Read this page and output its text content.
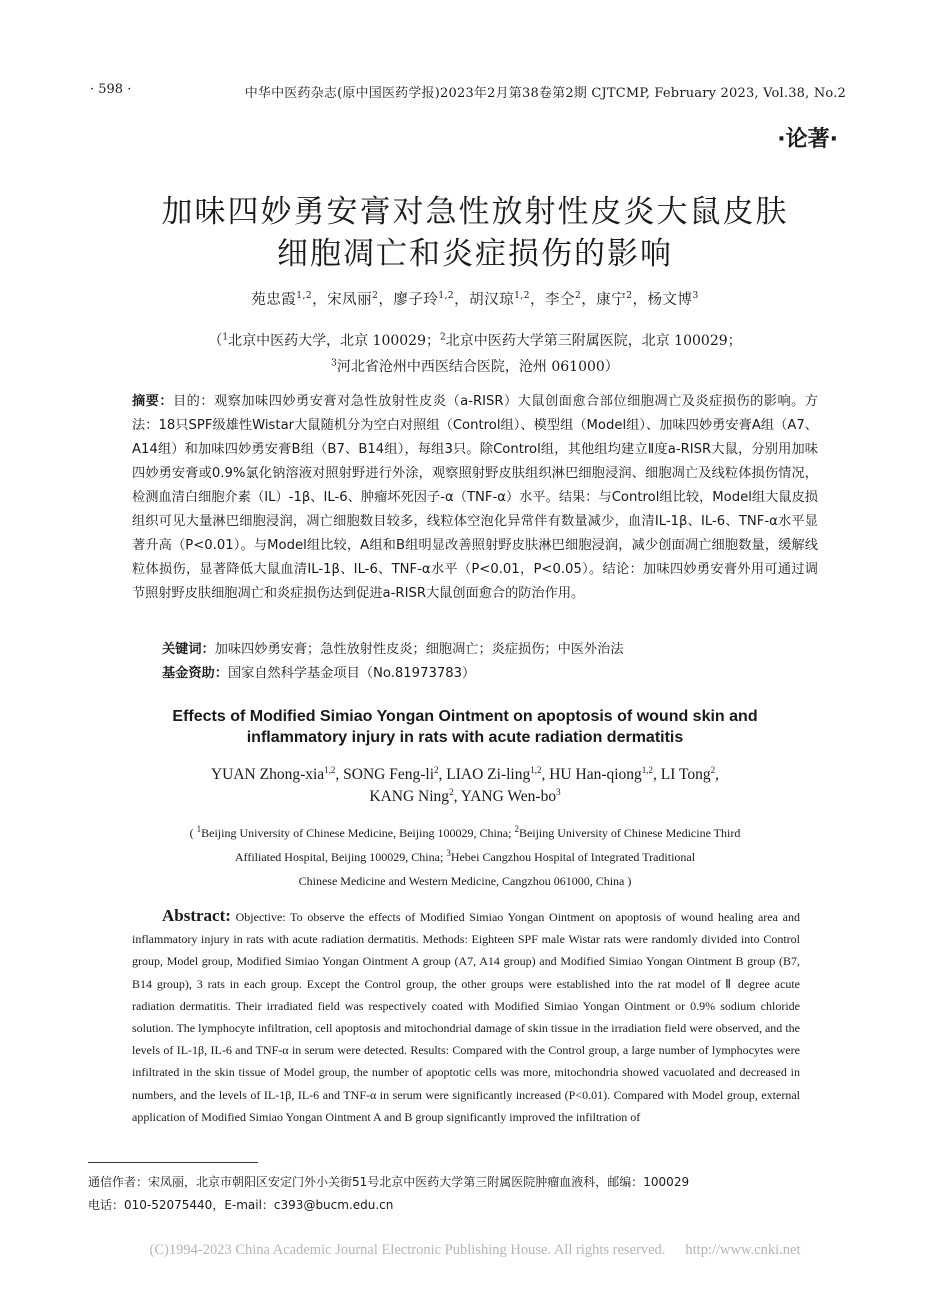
· 598 ·	中华中医药杂志(原中国医药学报)2023年2月第38卷第2期 CJTCMP, February 2023, Vol.38, No.2
·论著·
加味四妙勇安膏对急性放射性皮炎大鼠皮肤
细胞凋亡和炎症损伤的影响
苑忠霞$^{1,2}$，宋凤丽$^2$，廖子玲$^{1,2}$，胡汉琼$^{1,2}$，李仝$^2$，康宁$^2$，杨文博$^3$
（$^1$北京中医药大学，北京 100029；$^2$北京中医药大学第三附属医院，北京 100029；
$^3$河北省沧州中西医结合医院，沧州 061000）
摘要：目的：观察加味四妙勇安膏对急性放射性皮炎（a-RISR）大鼠创面愈合部位细胞凋亡及炎症损伤的影响。方法：18只SPF级雄性Wistar大鼠随机分为空白对照组（Control组）、模型组（Model组）、加味四妙勇安膏A组（A7、A14组）和加味四妙勇安膏B组（B7、B14组），每组3只。除Control组，其他组均建立Ⅱ度a-RISR大鼠，分别用加味四妙勇安膏或0.9%氯化钠溶液对照射野进行外涂，观察照射野皮肤组织淋巴细胞浸润、细胞凋亡及线粒体损伤情况，检测血清白细胞介素（IL）-1β、IL-6、肿瘤坏死因子-α（TNF-α）水平。结果：与Control组比较，Model组大鼠皮损组织可见大量淋巴细胞浸润，凋亡细胞数目较多，线粒体空泡化异常伴有数量减少，血清IL-1β、IL-6、TNF-α水平显著升高（P<0.01）。与Model组比较，A组和B组明显改善照射野皮肤淋巴细胞浸润，减少创面凋亡细胞数量，缓解线粒体损伤，显著降低大鼠血清IL-1β、IL-6、TNF-α水平（P<0.01，P<0.05）。结论：加味四妙勇安膏外用可通过调节照射野皮肤细胞凋亡和炎症损伤达到促进a-RISR大鼠创面愈合的防治作用。
关键词：加味四妙勇安膏；急性放射性皮炎；细胞凋亡；炎症损伤；中医外治法
基金资助：国家自然科学基金项目（No.81973783）
Effects of Modified Simiao Yongan Ointment on apoptosis of wound skin and
inflammatory injury in rats with acute radiation dermatitis
YUAN Zhong-xia$^{1,2}$, SONG Feng-$li^2$, LIAO Zi-ling$^{1,2}$, HU Han-qiong$^{1,2}$, LI Tong$^2$,
KANG Ning$^2$, YANG Wen-$bo^3$
( $^1$Beijing University of Chinese Medicine, Beijing 100029, China; $^2$Beijing University of Chinese Medicine Third
Affiliated Hospital, Beijing 100029, China; $^3$Hebei Cangzhou Hospital of Integrated Traditional
Chinese Medicine and Western Medicine, Cangzhou 061000, China )
Abstract: Objective: To observe the effects of Modified Simiao Yongan Ointment on apoptosis of wound healing area and inflammatory injury in rats with acute radiation dermatitis. Methods: Eighteen SPF male Wistar rats were randomly divided into Control group, Model group, Modified Simiao Yongan Ointment A group (A7, A14 group) and Modified Simiao Yongan Ointment B group (B7, B14 group), 3 rats in each group. Except the Control group, the other groups were established into the rat model of Ⅱ degree acute radiation dermatitis. Their irradiated field was respectively coated with Modified Simiao Yongan Ointment or 0.9% sodium chloride solution. The lymphocyte infiltration, cell apoptosis and mitochondrial damage of skin tissue in the irradiation field were observed, and the levels of IL-1β, IL-6 and TNF-α in serum were detected. Results: Compared with the Control group, a large number of lymphocytes were infiltrated in the skin tissue of Model group, the number of apoptotic cells was more, mitochondria showed vacuolated and decreased in numbers, and the levels of IL-1β, IL-6 and TNF-α in serum were significantly increased (P<0.01). Compared with Model group, external application of Modified Simiao Yongan Ointment A and B group significantly improved the infiltration of
通信作者：宋凤丽，北京市朝阳区安定门外小关街51号北京中医药大学第三附属医院肿瘤血液科，邮编：100029
电话：010-52075440，E-mail：c393@bucm.edu.cn
(C)1994-2023 China Academic Journal Electronic Publishing House. All rights reserved. http://www.cnki.net
